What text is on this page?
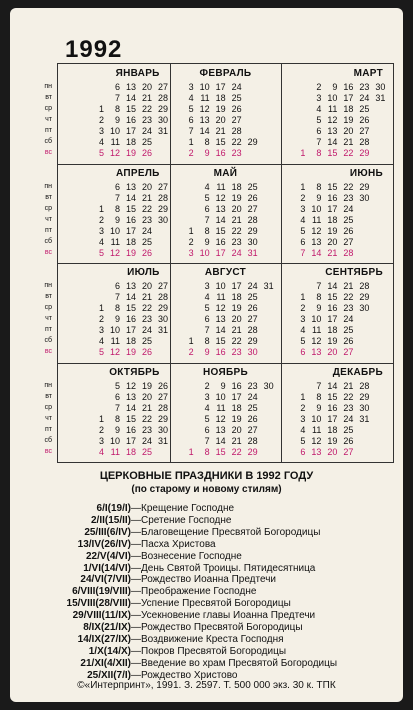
1992
ЯНВАРЬ
6 13 20 27
7 14 21 28
1 8 15 22 29
2 9 16 23 30
3 10 17 24 31
4 11 18 25
5 12 19 26
пн
вт
ср
чт
пт
сб
вс
ФЕВРАЛЬ
3 10 17 24
4 11 18 25
5 12 19 26
6 13 20 27
7 14 21 28
1 8 15 22 29
2 9 16 23
МАРТ
2 9 16 23 30
3 10 17 24 31
4 11 18 25
5 12 19 26
6 13 20 27
7 14 21 28
1 8 15 22 29
АПРЕЛЬ
6 13 20 27
7 14 21 28
1 8 15 22 29
2 9 16 23 30
3 10 17 24
4 11 18 25
5 12 19 26
пн
вт
ср
чт
пт
сб
вс
МАЙ
4 11 18 25
5 12 19 26
6 13 20 27
7 14 21 28
1 8 15 22 29
2 9 16 23 30
3 10 17 24 31
ИЮНЬ
1 8 15 22 29
2 9 16 23 30
3 10 17 24
4 11 18 25
5 12 19 26
6 13 20 27
7 14 21 28
ИЮЛЬ
6 13 20 27
7 14 21 28
1 8 15 22 29
2 9 16 23 30
3 10 17 24 31
4 11 18 25
5 12 19 26
пн
вт
ср
чт
пт
сб
вс
АВГУСТ
3 10 17 24 31
4 11 18 25
5 12 19 26
6 13 20 27
7 14 21 28
1 8 15 22 29
2 9 16 23 30
СЕНТЯБРЬ
7 14 21 28
1 8 15 22 29
2 9 16 23 30
3 10 17 24
4 11 18 25
5 12 19 26
6 13 20 27
ОКТЯБРЬ
5 12 19 26
6 13 20 27
7 14 21 28
1 8 15 22 29
2 9 16 23 30
3 10 17 24 31
4 11 18 25
пн
вт
ср
чт
пт
сб
вс
НОЯБРЬ
2 9 16 23 30
3 10 17 24
4 11 18 25
5 12 19 26
6 13 20 27
7 14 21 28
1 8 15 22 29
ДЕКАБРЬ
7 14 21 28
1 8 15 22 29
2 9 16 23 30
3 10 17 24 31
4 11 18 25
5 12 19 26
6 13 20 27
ЦЕРКОВНЫЕ ПРАЗДНИКИ В 1992 ГОДУ
(по старому и новому стилям)
6/I(19/I)—Крещение Господне
2/II(15/II)—Сретение Господне
25/III(6/IV)—Благовещение Пресвятой Богородицы
13/IV(26/IV)—Пасха Христова
22/V(4/VI)—Вознесение Господне
1/VI(14/VI)—День Святой Троицы. Пятидесятница
24/VI(7/VII)—Рождество Иоанна Предтечи
6/VIII(19/VIII)—Преображение Господне
15/VIII(28/VIII)—Успение Пресвятой Богородицы
29/VIII(11/IX)—Усекновение главы Иоанна Предтечи
8/IX(21/IX)—Рождество Пресвятой Богородицы
14/IX(27/IX)—Воздвижение Креста Господня
1/X(14/X)—Покров Пресвятой Богородицы
21/XI(4/XII)—Введение во храм Пресвятой Богородицы
25/XII(7/I)—Рождество Христово
©«Интерпринт», 1991. З. 2597. Т. 500 000 экз. 30 к. ТПК
